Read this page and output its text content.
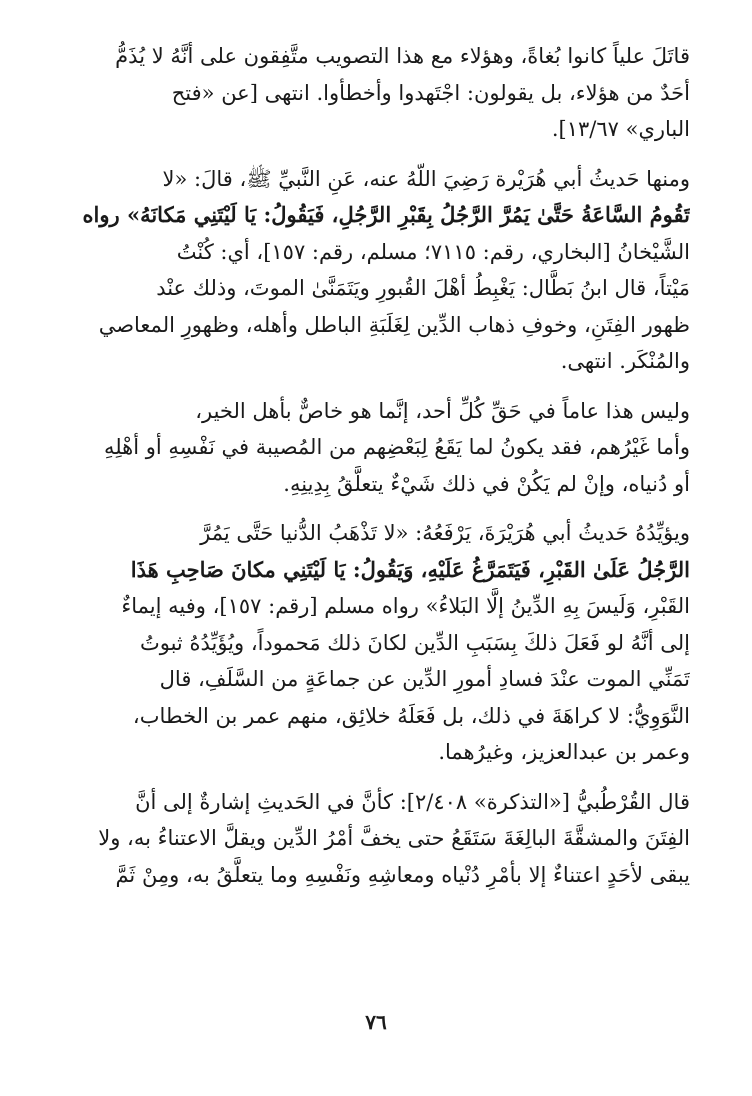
قاتَلَ علياً كانوا بُغاةً، وهؤلاء مع هذا التصويب متَّفِقون على أنَّهُ لا يُذَمُّ
أحَدٌ من هؤلاء، بل يقولون: اجْتَهدوا وأخطأوا. انتهى [عن «فتح
الباري» ١٣/٦٧].
ومنها حَديثُ أبي هُرَيْرة رَضِيَ اللّهُ عنه، عَنِ النَّبيِّ ﷺ، قالَ: «لا
تَقُومُ السَّاعَةُ حَتَّىٰ يَمُرَّ الرَّجُلُ بِقَبْرِ الرَّجُلِ، فَيَقُولُ: يَا لَيْتَنِي مَكانَهُ» رواه
الشَّيْخانُ [البخاري، رقم: ٧١١٥؛ مسلم، رقم: ١٥٧]، أي: كُنْتُ
مَيْتاً، قال ابنُ بَطَّال: يَغْبِطُ أهْلَ القُبورِ ويَتَمَنَّىٰ الموتَ، وذلك عنْد
ظهور الفِتَنِ، وخوفِ ذهاب الدِّين لِغَلَبَةِ الباطل وأهله، وظهورِ المعاصي
والمُنْكَر. انتهى.
وليس هذا عاماً في حَقِّ كُلِّ أحد، إنَّما هو خاصٌّ بأهل الخير،
وأما غَيْرُهم، فقد يكونُ لما يَقَعُ لِبَعْضِهم من المُصيبة في نَفْسِهِ أو أهْلِهِ
أو دُنياه، وإنْ لم يَكُنْ في ذلك شَيْءٌ يتعلَّقُ بِدِينِهِ.
ويؤيِّدُهُ حَديثُ أبي هُرَيْرَةَ، يَرْفَعُهُ: «لا تَذْهَبُ الدُّنيا حَتَّى يَمُرَّ
الرَّجُلُ عَلَىٰ القَبْرِ، فَيَتَمَرَّغُ عَلَيْهِ، وَيَقُولُ: يَا لَيْتَنِي مكانَ صَاحِبِ هَذَا
القَبْرِ، وَلَيسَ بِهِ الدِّينُ إلَّا البَلاءُ» رواه مسلم [رقم: ١٥٧]، وفيه إيماءٌ
إلى أنَّهُ لو فَعَلَ ذلكَ بِسَبَبِ الدِّين لكانَ ذلك مَحموداً، ويُؤَيِّدُهُ ثبوتُ
تَمَنِّي الموت عنْدَ فسادِ أمورِ الدِّين عن جماعَةٍ من السَّلَفِ، قال
النَّوَوِيُّ: لا كراهَةَ في ذلك، بل فَعَلَهُ خلائِق، منهم عمر بن الخطاب،
وعمر بن عبدالعزيز، وغيرُهما.
قال القُرْطُبيُّ [«التذكرة» ٢/٤٠٨]: كأنَّ في الحَديثِ إشارةٌ إلى أنَّ
الفِتَنَ والمشقَّةَ البالِغَةَ سَتَقَعُ حتى يخفَّ أمْرُ الدِّين ويقلَّ الاعتناءُ به، ولا
يبقى لأحَدٍ اعتناءٌ إلا بأمْرِ دُنْياه ومعاشِهِ ونَفْسِهِ وما يتعلَّقُ به، ومِنْ ثَمَّ
٧٦
